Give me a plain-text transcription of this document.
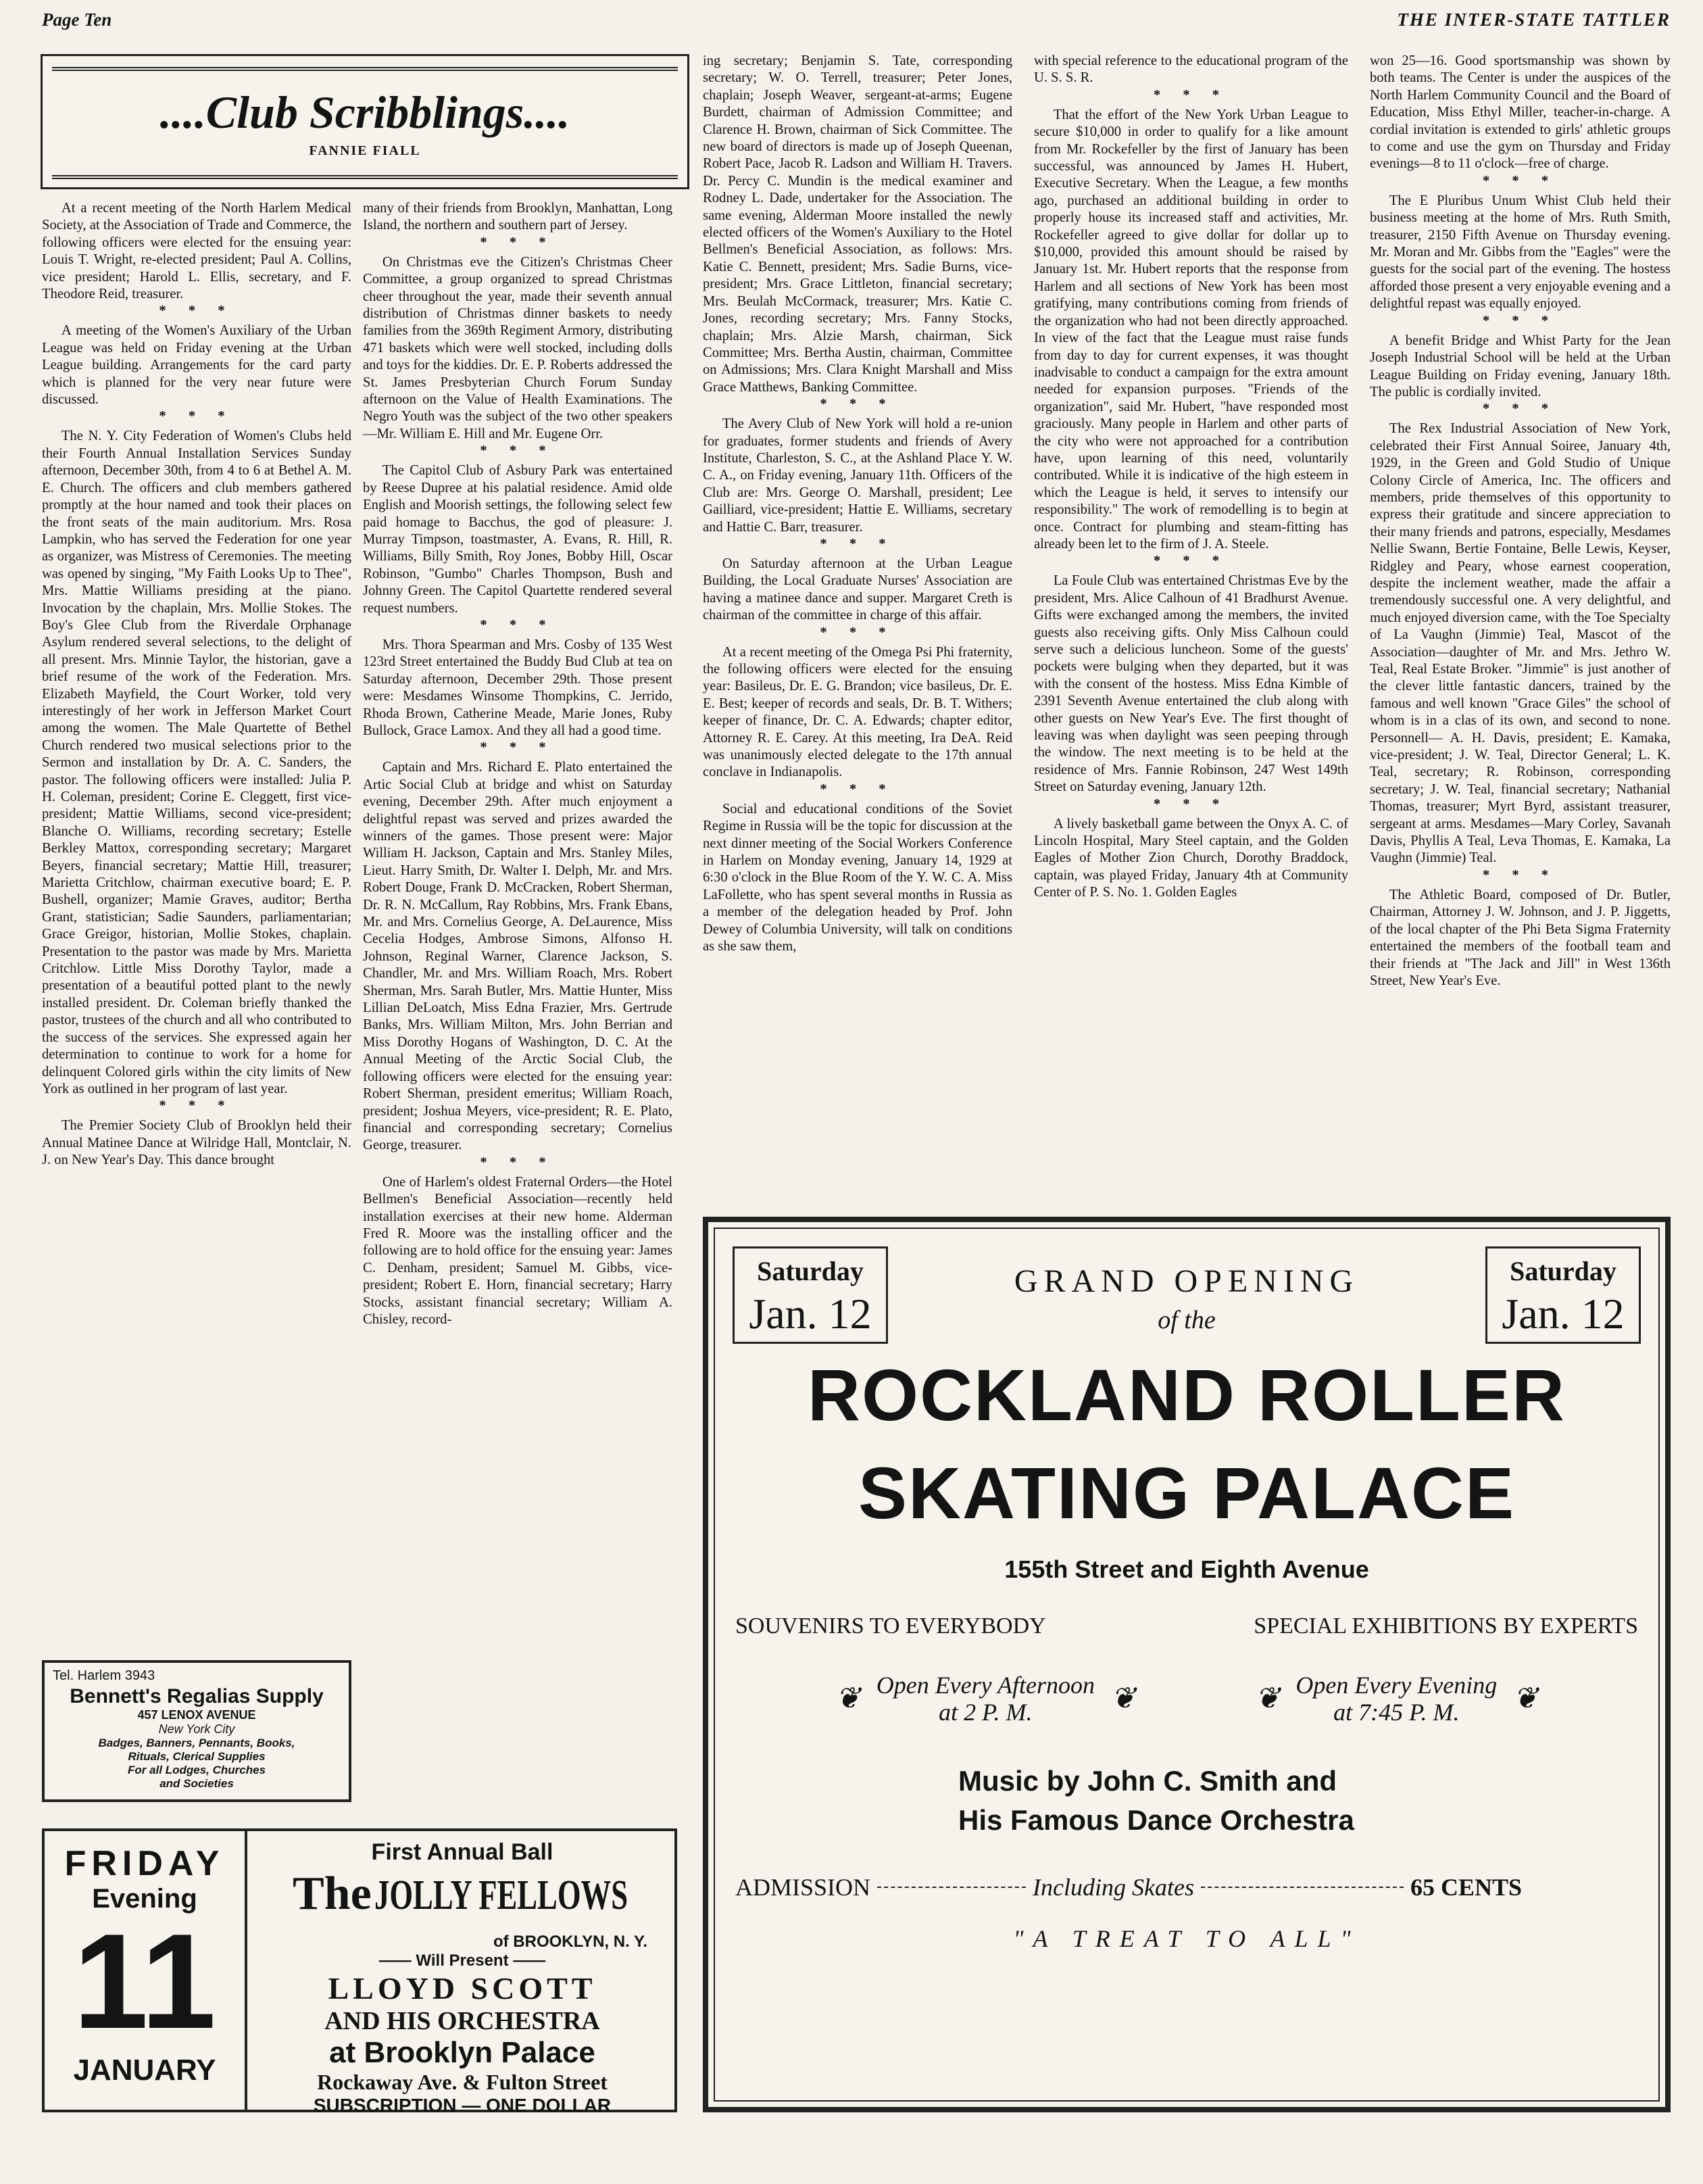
Page Ten	THE INTER-STATE TATTLER
....Club Scribblings....
FANNIE FIALL

At a recent meeting of the North Harlem Medical Society, at the Association of Trade and Commerce, the following officers were elected for the ensuing year: Louis T. Wright, re-elected president; Paul A. Collins, vice president; Harold L. Ellis, secretary, and F. Theodore Reid, treasurer.

* * *

A meeting of the Women's Auxiliary of the Urban League was held on Friday evening at the Urban League building. Arrangements for the card party which is planned for the very near future were discussed.

* * *

The N. Y. City Federation of Women's Clubs held their Fourth Annual Installation Services Sunday afternoon, December 30th, from 4 to 6 at Bethel A. M. E. Church. The officers and club members gathered promptly at the hour named and took their places on the front seats of the main auditorium. Mrs. Rosa Lampkin, who has served the Federation for one year as organizer, was Mistress of Ceremonies. The meeting was opened by singing, "My Faith Looks Up to Thee", Mrs. Mattie Williams presiding at the piano. Invocation by the chaplain, Mrs. Mollie Stokes. The Boy's Glee Club from the Riverdale Orphanage Asylum rendered several selections, to the delight of all present. Mrs. Minnie Taylor, the historian, gave a brief resume of the work of the Federation. Mrs. Elizabeth Mayfield, the Court Worker, told very interestingly of her work in Jefferson Market Court among the women. The Male Quartette of Bethel Church rendered two musical selections prior to the Sermon and installation by Dr. A. C. Sanders, the pastor. The following officers were installed: Julia P. H. Coleman, president; Corine E. Cleggett, first vice-president; Mattie Williams, second vice-president; Blanche O. Williams, recording secretary; Estelle Berkley Mattox, corresponding secretary; Margaret Beyers, financial secretary; Mattie Hill, treasurer; Marietta Critchlow, chairman executive board; E. P. Bushell, organizer; Mamie Graves, auditor; Bertha Grant, statistician; Sadie Saunders, parliamentarian; Grace Greigor, historian, Mollie Stokes, chaplain. Presentation to the pastor was made by Mrs. Marietta Critchlow. Little Miss Dorothy Taylor, made a presentation of a beautiful potted plant to the newly installed president. Dr. Coleman briefly thanked the pastor, trustees of the church and all who contributed to the success of the services. She expressed again her determination to continue to work for a home for delinquent Colored girls within the city limits of New York as outlined in her program of last year.

* * *

The Premier Society Club of Brooklyn held their Annual Matinee Dance at Wilridge Hall, Montclair, N. J. on New Year's Day. This dance brought

many of their friends from Brooklyn, Manhattan, Long Island, the northern and southern part of Jersey.

* * *

On Christmas eve the Citizen's Christmas Cheer Committee, a group organized to spread Christmas cheer throughout the year, made their seventh annual distribution of Christmas dinner baskets to needy families from the 369th Regiment Armory, distributing 471 baskets which were well stocked, including dolls and toys for the kiddies. Dr. E. P. Roberts addressed the St. James Presbyterian Church Forum Sunday afternoon on the Value of Health Examinations. The Negro Youth was the subject of the two other speakers—Mr. William E. Hill and Mr. Eugene Orr.

* * *

The Capitol Club of Asbury Park was entertained by Reese Dupree at his palatial residence. Amid olde English and Moorish settings, the following select few paid homage to Bacchus, the god of pleasure: J. Murray Timpson, toastmaster, A. Evans, R. Hill, R. Williams, Billy Smith, Roy Jones, Bobby Hill, Oscar Robinson, "Gumbo" Charles Thompson, Bush and Johnny Green. The Capitol Quartette rendered several request numbers.

* * *

Mrs. Thora Spearman and Mrs. Cosby of 135 West 123rd Street entertained the Buddy Bud Club at tea on Saturday afternoon, December 29th. Those present were: Mesdames Winsome Thompkins, C. Jerrido, Rhoda Brown, Catherine Meade, Marie Jones, Ruby Bullock, Grace Lamox. And they all had a good time.

* * *

Captain and Mrs. Richard E. Plato entertained the Artic Social Club at bridge and whist on Saturday evening, December 29th. After much enjoyment a delightful repast was served and prizes awarded the winners of the games. Those present were: Major William H. Jackson, Captain and Mrs. Stanley Miles, Lieut. Harry Smith, Dr. Walter I. Delph, Mr. and Mrs. Robert Douge, Frank D. McCracken, Robert Sherman, Dr. R. N. McCallum, Ray Robbins, Mrs. Frank Ebans, Mr. and Mrs. Cornelius George, A. DeLaurence, Miss Cecelia Hodges, Ambrose Simons, Alfonso H. Johnson, Reginal Warner, Clarence Jackson, S. Chandler, Mr. and Mrs. William Roach, Mrs. Robert Sherman, Mrs. Sarah Butler, Mrs. Mattie Hunter, Miss Lillian DeLoatch, Miss Edna Frazier, Mrs. Gertrude Banks, Mrs. William Milton, Mrs. John Berrian and Miss Dorothy Hogans of Washington, D. C. At the Annual Meeting of the Arctic Social Club, the following officers were elected for the ensuing year: Robert Sherman, president emeritus; William Roach, president; Joshua Meyers, vice-president; R. E. Plato, financial and corresponding secretary; Cornelius George, treasurer.

* * *

One of Harlem's oldest Fraternal Orders—the Hotel Bellmen's Beneficial Association—recently held installation exercises at their new home. Alderman Fred R. Moore was the installing officer and the following are to hold office for the ensuing year: James C. Denham, president; Samuel M. Gibbs, vice-president; Robert E. Horn, financial secretary; Harry Stocks, assistant financial secretary; William A. Chisley, record-

ing secretary; Benjamin S. Tate, corresponding secretary; W. O. Terrell, treasurer; Peter Jones, chaplain; Joseph Weaver, sergeant-at-arms; Eugene Burdett, chairman of Admission Committee; and Clarence H. Brown, chairman of Sick Committee. The new board of directors is made up of Joseph Queenan, Robert Pace, Jacob R. Ladson and William H. Travers. Dr. Percy C. Mundin is the medical examiner and Rodney L. Dade, undertaker for the Association. The same evening, Alderman Moore installed the newly elected officers of the Women's Auxiliary to the Hotel Bellmen's Beneficial Association, as follows: Mrs. Katie C. Bennett, president; Mrs. Sadie Burns, vice-president; Mrs. Grace Littleton, financial secretary; Mrs. Beulah McCormack, treasurer; Mrs. Katie C. Jones, recording secretary; Mrs. Fanny Stocks, chaplain; Mrs. Alzie Marsh, chairman, Sick Committee; Mrs. Bertha Austin, chairman, Committee on Admissions; Mrs. Clara Knight Marshall and Miss Grace Matthews, Banking Committee.

* * *

The Avery Club of New York will hold a re-union for graduates, former students and friends of Avery Institute, Charleston, S. C., at the Ashland Place Y. W. C. A., on Friday evening, January 11th. Officers of the Club are: Mrs. George O. Marshall, president; Lee Gailliard, vice-president; Hattie E. Williams, secretary and Hattie C. Barr, treasurer.

* * *

On Saturday afternoon at the Urban League Building, the Local Graduate Nurses' Association are having a matinee dance and supper. Margaret Creth is chairman of the committee in charge of this affair.

* * *

At a recent meeting of the Omega Psi Phi fraternity, the following officers were elected for the ensuing year: Basileus, Dr. E. G. Brandon; vice basileus, Dr. E. E. Best; keeper of records and seals, Dr. B. T. Withers; keeper of finance, Dr. C. A. Edwards; chapter editor, Attorney R. E. Carey. At this meeting, Ira DeA. Reid was unanimously elected delegate to the 17th annual conclave in Indianapolis.

* * *

Social and educational conditions of the Soviet Regime in Russia will be the topic for discussion at the next dinner meeting of the Social Workers Conference in Harlem on Monday evening, January 14, 1929 at 6:30 o'clock in the Blue Room of the Y. W. C. A. Miss LaFollette, who has spent several months in Russia as a member of the delegation headed by Prof. John Dewey of Columbia University, will talk on conditions as she saw them,

with special reference to the educational program of the U. S. S. R.

* * *

That the effort of the New York Urban League to secure $10,000 in order to qualify for a like amount from Mr. Rockefeller by the first of January has been successful, was announced by James H. Hubert, Executive Secretary. When the League, a few months ago, purchased an additional building in order to properly house its increased staff and activities, Mr. Rockefeller agreed to give dollar for dollar up to $10,000, provided this amount should be raised by January 1st. Mr. Hubert reports that the response from Harlem and all sections of New York has been most gratifying, many contributions coming from friends of the organization who had not been directly approached. In view of the fact that the League must raise funds from day to day for current expenses, it was thought inadvisable to conduct a campaign for the extra amount needed for expansion purposes. "Friends of the organization", said Mr. Hubert, "have responded most graciously. Many people in Harlem and other parts of the city who were not approached for a contribution have, upon learning of this need, voluntarily contributed. While it is indicative of the high esteem in which the League is held, it serves to intensify our responsibility." The work of remodelling is to begin at once. Contract for plumbing and steam-fitting has already been let to the firm of J. A. Steele.

* * *

La Foule Club was entertained Christmas Eve by the president, Mrs. Alice Calhoun of 41 Bradhurst Avenue. Gifts were exchanged among the members, the invited guests also receiving gifts. Only Miss Calhoun could serve such a delicious luncheon. Some of the guests' pockets were bulging when they departed, but it was with the consent of the hostess. Miss Edna Kimble of 2391 Seventh Avenue entertained the club along with other guests on New Year's Eve. The first thought of leaving was when daylight was seen peeping through the window. The next meeting is to be held at the residence of Mrs. Fannie Robinson, 247 West 149th Street on Saturday evening, January 12th.

* * *

A lively basketball game between the Onyx A. C. of Lincoln Hospital, Mary Steel captain, and the Golden Eagles of Mother Zion Church, Dorothy Braddock, captain, was played Friday, January 4th at Community Center of P. S. No. 1. Golden Eagles

won 25—16. Good sportsmanship was shown by both teams. The Center is under the auspices of the North Harlem Community Council and the Board of Education, Miss Ethyl Miller, teacher-in-charge. A cordial invitation is extended to girls' athletic groups to come and use the gym on Thursday and Friday evenings—8 to 11 o'clock—free of charge.

* * *

The E Pluribus Unum Whist Club held their business meeting at the home of Mrs. Ruth Smith, treasurer, 2150 Fifth Avenue on Thursday evening. Mr. Moran and Mr. Gibbs from the "Eagles" were the guests for the social part of the evening. The hostess afforded those present a very enjoyable evening and a delightful repast was equally enjoyed.

* * *

A benefit Bridge and Whist Party for the Jean Joseph Industrial School will be held at the Urban League Building on Friday evening, January 18th. The public is cordially invited.

* * *

The Rex Industrial Association of New York, celebrated their First Annual Soiree, January 4th, 1929, in the Green and Gold Studio of Unique Colony Circle of America, Inc. The officers and members, pride themselves of this opportunity to express their gratitude and sincere appreciation to their many friends and patrons, especially, Mesdames Nellie Swann, Bertie Fontaine, Belle Lewis, Keyser, Ridgley and Peary, whose earnest cooperation, despite the inclement weather, made the affair a tremendously successful one. A very delightful, and much enjoyed diversion came, with the Toe Specialty of La Vaughn (Jimmie) Teal, Mascot of the Association—daughter of Mr. and Mrs. Jethro W. Teal, Real Estate Broker. "Jimmie" is just another of the clever little fantastic dancers, trained by the famous and well known "Grace Giles" the school of whom is in a clas of its own, and second to none. Personnell— A. H. Davis, president; E. Kamaka, vice-president; J. W. Teal, Director General; L. K. Teal, secretary; R. Robinson, corresponding secretary; J. W. Teal, financial secretary; Nathanial Thomas, treasurer; Myrt Byrd, assistant treasurer, sergeant at arms. Mesdames—Mary Corley, Savanah Davis, Phyllis A Teal, Leva Thomas, E. Kamaka, La Vaughn (Jimmie) Teal.

* * *

The Athletic Board, composed of Dr. Butler, Chairman, Attorney J. W. Johnson, and J. P. Jiggetts, of the local chapter of the Phi Beta Sigma Fraternity entertained the members of the football team and their friends at "The Jack and Jill" in West 136th Street, New Year's Eve.

Tel. Harlem 3943
Bennett's Regalias Supply
457 LENOX AVENUE
New York City
Badges, Banners, Pennants, Books,
Rituals, Clerical Supplies
For all Lodges, Churches
and Societies
FRIDAY
Evening
11
JANUARY
First Annual Ball
The JOLLY FELLOWS
of BROOKLYN, N. Y.
—— Will Present ——
LLOYD SCOTT
AND HIS ORCHESTRA
at Brooklyn Palace
Rockaway Ave. & Fulton Street
SUBSCRIPTION — ONE DOLLAR
Saturday
Jan. 12
Saturday
Jan. 12
GRAND OPENING
of the
ROCKLAND ROLLER
SKATING PALACE
155th Street and Eighth Avenue
SOUVENIRS TO EVERYBODY	SPECIAL EXHIBITIONS BY EXPERTS
❦ Open Every Afternoon
at 2 P. M.	❦	❦ Open Every Evening
at 7:45 P. M.	❦
Music by John C. Smith and
His Famous Dance Orchestra
ADMISSION	Including Skates	65 CENTS
"A TREAT TO ALL"
